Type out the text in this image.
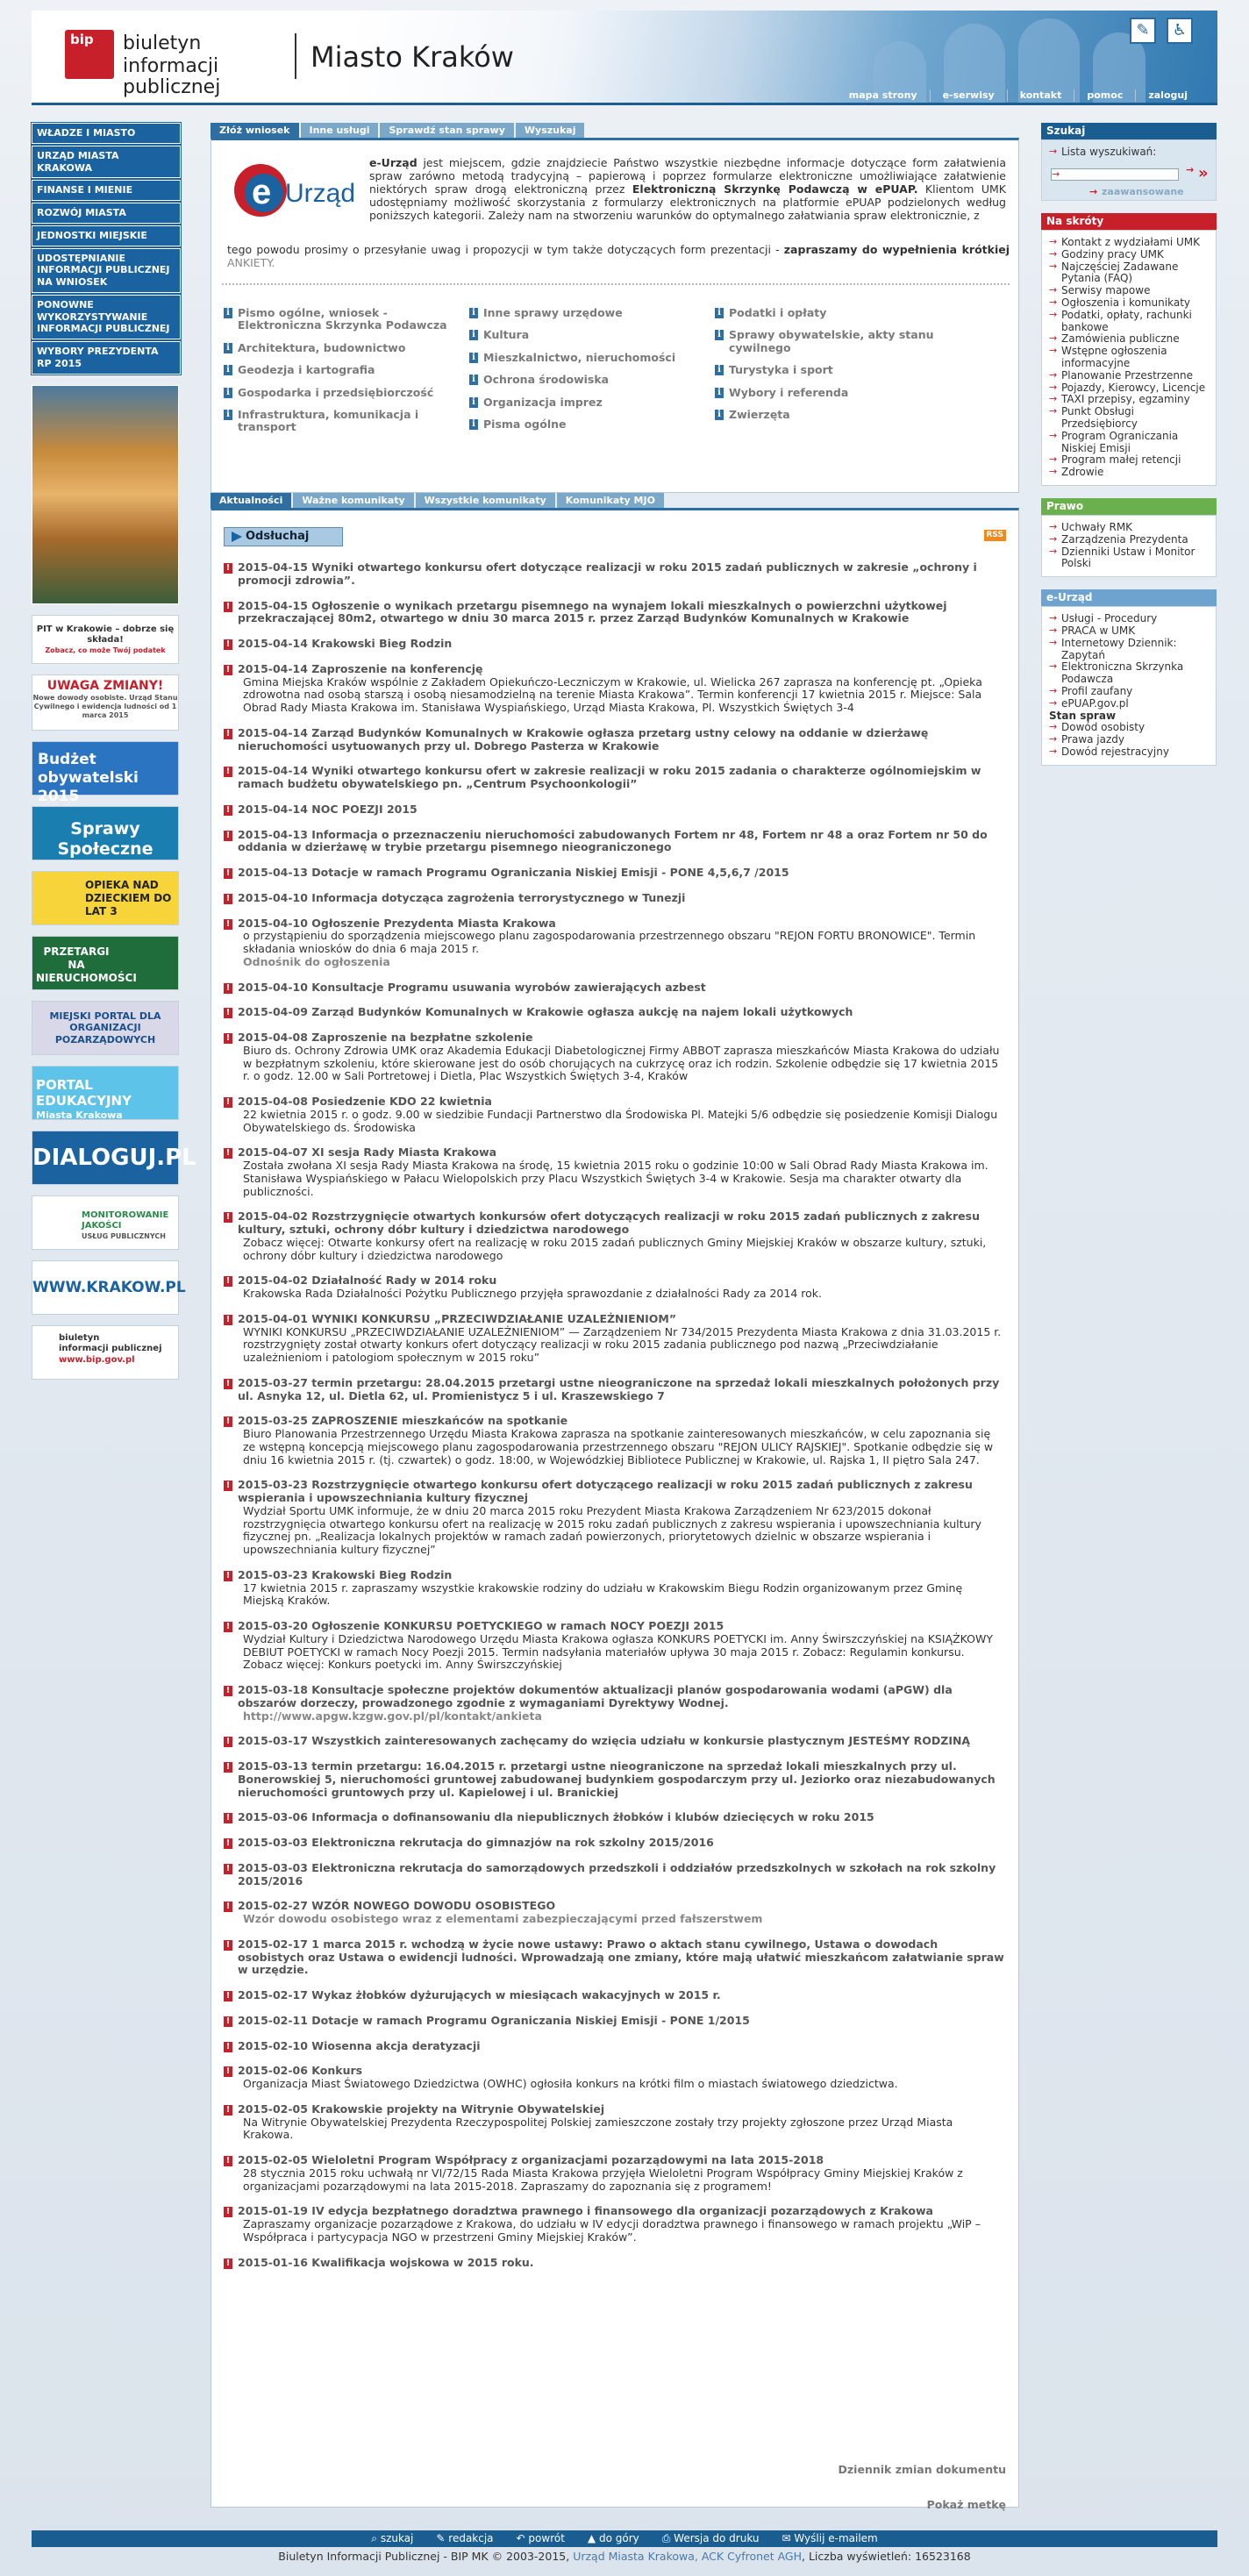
bip biuletyn
informacji publicznej
Miasto Kraków
✎	♿
mapa strony	e-serwisy	kontakt	pomoc	zaloguj
WŁADZE I MIASTO
URZĄD MIASTA KRAKOWA
FINANSE I MIENIE
ROZWÓJ MIASTA
JEDNOSTKI MIEJSKIE
UDOSTĘPNIANIE INFORMACJI PUBLICZNEJ NA WNIOSEK
PONOWNE WYKORZYSTYWANIE INFORMACJI PUBLICZNEJ
WYBORY PREZYDENTA RP 2015
PIT w Krakowie – dobrze się składa!
Zobacz, co może Twój podatek
UWAGA ZMIANY!
Nowe dowody osobiste. Urząd Stanu Cywilnego i ewidencja ludności od 1 marca 2015
Budżet obywatelski 2015
Sprawy Społeczne
OPIEKA NAD DZIECKIEM DO LAT 3
PRZETARGI NA NIERUCHOMOŚCI
MIEJSKI PORTAL DLA ORGANIZACJI POZARZĄDOWYCH
PORTAL EDUKACYJNY
Miasta Krakowa
DIALOGUJ.PL
MONITOROWANIE JAKOŚCI
USŁUG PUBLICZNYCH
WWW.KRAKOW.PL
biuletyn
informacji publicznej
www.bip.gov.pl
Złóż wniosek	Inne usługi	Sprawdź stan sprawy	Wyszukaj
e Urząd
e-Urząd jest miejscem, gdzie znajdziecie Państwo wszystkie niezbędne informacje dotyczące form załatwienia spraw zarówno metodą tradycyjną – papierową i poprzez formularze elektroniczne umożliwiające załatwienie niektórych spraw drogą elektroniczną przez Elektroniczną Skrzynkę Podawczą w ePUAP. Klientom UMK udostępniamy możliwość skorzystania z formularzy elektronicznych na platformie ePUAP podzielonych według poniższych kategorii. Zależy nam na stworzeniu warunków do optymalnego załatwiania spraw elektronicznie, z
tego powodu prosimy o przesyłanie uwag i propozycji w tym także dotyczących form prezentacji - zapraszamy do wypełnienia krótkiej ANKIETY.
i Pismo ogólne, wniosek - Elektroniczna Skrzynka Podawcza
i Architektura, budownictwo
i Geodezja i kartografia
i Gospodarka i przedsiębiorczość
i Infrastruktura, komunikacja i transport
i Inne sprawy urzędowe
i Kultura
i Mieszkalnictwo, nieruchomości
i Ochrona środowiska
i Organizacja imprez
i Pisma ogólne
i Podatki i opłaty
i Sprawy obywatelskie, akty stanu cywilnego
i Turystyka i sport
i Wybory i referenda
i Zwierzęta
Aktualności	Ważne komunikaty	Wszystkie komunikaty	Komunikaty MJO
Odsłuchaj	RSS
! 2015-04-15 Wyniki otwartego konkursu ofert dotyczące realizacji w roku 2015 zadań publicznych w zakresie „ochrony i promocji zdrowia”.
! 2015-04-15 Ogłoszenie o wynikach przetargu pisemnego na wynajem lokali mieszkalnych o powierzchni użytkowej przekraczającej 80m2, otwartego w dniu 30 marca 2015 r. przez Zarząd Budynków Komunalnych w Krakowie
! 2015-04-14 Krakowski Bieg Rodzin
! 2015-04-14 Zaproszenie na konferencję
Gmina Miejska Kraków wspólnie z Zakładem Opiekuńczo-Leczniczym w Krakowie, ul. Wielicka 267 zaprasza na konferencję pt. „Opieka zdrowotna nad osobą starszą i osobą niesamodzielną na terenie Miasta Krakowa”. Termin konferencji 17 kwietnia 2015 r. Miejsce: Sala Obrad Rady Miasta Krakowa im. Stanisława Wyspiańskiego, Urząd Miasta Krakowa, Pl. Wszystkich Świętych 3-4
! 2015-04-14 Zarząd Budynków Komunalnych w Krakowie ogłasza przetarg ustny celowy na oddanie w dzierżawę nieruchomości usytuowanych przy ul. Dobrego Pasterza w Krakowie
! 2015-04-14 Wyniki otwartego konkursu ofert w zakresie realizacji w roku 2015 zadania o charakterze ogólnomiejskim w ramach budżetu obywatelskiego pn. „Centrum Psychoonkologii”
! 2015-04-14 NOC POEZJI 2015
! 2015-04-13 Informacja o przeznaczeniu nieruchomości zabudowanych Fortem nr 48, Fortem nr 48 a oraz Fortem nr 50 do oddania w dzierżawę w trybie przetargu pisemnego nieograniczonego
! 2015-04-13 Dotacje w ramach Programu Ograniczania Niskiej Emisji - PONE 4,5,6,7 /2015
! 2015-04-10 Informacja dotycząca zagrożenia terrorystycznego w Tunezji
! 2015-04-10 Ogłoszenie Prezydenta Miasta Krakowa
o przystąpieniu do sporządzenia miejscowego planu zagospodarowania przestrzennego obszaru "REJON FORTU BRONOWICE". Termin składania wniosków do dnia 6 maja 2015 r.
Odnośnik do ogłoszenia
! 2015-04-10 Konsultacje Programu usuwania wyrobów zawierających azbest
! 2015-04-09 Zarząd Budynków Komunalnych w Krakowie ogłasza aukcję na najem lokali użytkowych
! 2015-04-08 Zaproszenie na bezpłatne szkolenie
Biuro ds. Ochrony Zdrowia UMK oraz Akademia Edukacji Diabetologicznej Firmy ABBOT zaprasza mieszkańców Miasta Krakowa do udziału w bezpłatnym szkoleniu, które skierowane jest do osób chorujących na cukrzycę oraz ich rodzin. Szkolenie odbędzie się 17 kwietnia 2015 r. o godz. 12.00 w Sali Portretowej i Dietla, Plac Wszystkich Świętych 3-4, Kraków
! 2015-04-08 Posiedzenie KDO 22 kwietnia
22 kwietnia 2015 r. o godz. 9.00 w siedzibie Fundacji Partnerstwo dla Środowiska Pl. Matejki 5/6 odbędzie się posiedzenie Komisji Dialogu Obywatelskiego ds. Środowiska
! 2015-04-07 XI sesja Rady Miasta Krakowa
Została zwołana XI sesja Rady Miasta Krakowa na środę, 15 kwietnia 2015 roku o godzinie 10:00 w Sali Obrad Rady Miasta Krakowa im. Stanisława Wyspiańskiego w Pałacu Wielopolskich przy Placu Wszystkich Świętych 3-4 w Krakowie. Sesja ma charakter otwarty dla publiczności.
! 2015-04-02 Rozstrzygnięcie otwartych konkursów ofert dotyczących realizacji w roku 2015 zadań publicznych z zakresu kultury, sztuki, ochrony dóbr kultury i dziedzictwa narodowego
Zobacz więcej: Otwarte konkursy ofert na realizację w roku 2015 zadań publicznych Gminy Miejskiej Kraków w obszarze kultury, sztuki, ochrony dóbr kultury i dziedzictwa narodowego
! 2015-04-02 Działalność Rady w 2014 roku
Krakowska Rada Działalności Pożytku Publicznego przyjęła sprawozdanie z działalności Rady za 2014 rok.
! 2015-04-01 WYNIKI KONKURSU „PRZECIWDZIAŁANIE UZALEŻNIENIOM”
WYNIKI KONKURSU „PRZECIWDZIAŁANIE UZALEŻNIENIOM” — Zarządzeniem Nr 734/2015 Prezydenta Miasta Krakowa z dnia 31.03.2015 r. rozstrzygnięty został otwarty konkurs ofert dotyczący realizacji w roku 2015 zadania publicznego pod nazwą „Przeciwdziałanie uzależnieniom i patologiom społecznym w 2015 roku”
! 2015-03-27 termin przetargu: 28.04.2015 przetargi ustne nieograniczone na sprzedaż lokali mieszkalnych położonych przy ul. Asnyka 12, ul. Dietla 62, ul. Promienistycz 5 i ul. Kraszewskiego 7
! 2015-03-25 ZAPROSZENIE mieszkańców na spotkanie
Biuro Planowania Przestrzennego Urzędu Miasta Krakowa zaprasza na spotkanie zainteresowanych mieszkańców, w celu zapoznania się ze wstępną koncepcją miejscowego planu zagospodarowania przestrzennego obszaru "REJON ULICY RAJSKIEJ". Spotkanie odbędzie się w dniu 16 kwietnia 2015 r. (tj. czwartek) o godz. 18:00, w Wojewódzkiej Bibliotece Publicznej w Krakowie, ul. Rajska 1, II piętro Sala 247.
! 2015-03-23 Rozstrzygnięcie otwartego konkursu ofert dotyczącego realizacji w roku 2015 zadań publicznych z zakresu wspierania i upowszechniania kultury fizycznej
Wydział Sportu UMK informuje, że w dniu 20 marca 2015 roku Prezydent Miasta Krakowa Zarządzeniem Nr 623/2015 dokonał rozstrzygnięcia otwartego konkursu ofert na realizację w 2015 roku zadań publicznych z zakresu wspierania i upowszechniania kultury fizycznej pn. „Realizacja lokalnych projektów w ramach zadań powierzonych, priorytetowych dzielnic w obszarze wspierania i upowszechniania kultury fizycznej”
! 2015-03-23 Krakowski Bieg Rodzin
17 kwietnia 2015 r. zapraszamy wszystkie krakowskie rodziny do udziału w Krakowskim Biegu Rodzin organizowanym przez Gminę Miejską Kraków.
! 2015-03-20 Ogłoszenie KONKURSU POETYCKIEGO w ramach NOCY POEZJI 2015
Wydział Kultury i Dziedzictwa Narodowego Urzędu Miasta Krakowa ogłasza KONKURS POETYCKI im. Anny Świrszczyńskiej na KSIĄŻKOWY DEBIUT POETYCKI w ramach Nocy Poezji 2015. Termin nadsyłania materiałów upływa 30 maja 2015 r. Zobacz: Regulamin konkursu. Zobacz więcej: Konkurs poetycki im. Anny Świrszczyńskiej
! 2015-03-18 Konsultacje społeczne projektów dokumentów aktualizacji planów gospodarowania wodami (aPGW) dla obszarów dorzeczy, prowadzonego zgodnie z wymaganiami Dyrektywy Wodnej.
http://www.apgw.kzgw.gov.pl/pl/kontakt/ankieta
! 2015-03-17 Wszystkich zainteresowanych zachęcamy do wzięcia udziału w konkursie plastycznym JESTEŚMY RODZINĄ
! 2015-03-13 termin przetargu: 16.04.2015 r. przetargi ustne nieograniczone na sprzedaż lokali mieszkalnych przy ul. Bonerowskiej 5, nieruchomości gruntowej zabudowanej budynkiem gospodarczym przy ul. Jeziorko oraz niezabudowanych nieruchomości gruntowych przy ul. Kapielowej i ul. Branickiej
! 2015-03-06 Informacja o dofinansowaniu dla niepublicznych żłobków i klubów dziecięcych w roku 2015
! 2015-03-03 Elektroniczna rekrutacja do gimnazjów na rok szkolny 2015/2016
! 2015-03-03 Elektroniczna rekrutacja do samorządowych przedszkoli i oddziałów przedszkolnych w szkołach na rok szkolny 2015/2016
! 2015-02-27 WZÓR NOWEGO DOWODU OSOBISTEGO
Wzór dowodu osobistego wraz z elementami zabezpieczającymi przed fałszerstwem
! 2015-02-17 1 marca 2015 r. wchodzą w życie nowe ustawy: Prawo o aktach stanu cywilnego, Ustawa o dowodach osobistych oraz Ustawa o ewidencji ludności. Wprowadzają one zmiany, które mają ułatwić mieszkańcom załatwianie spraw w urzędzie.
! 2015-02-17 Wykaz żłobków dyżurujących w miesiącach wakacyjnych w 2015 r.
! 2015-02-11 Dotacje w ramach Programu Ograniczania Niskiej Emisji - PONE 1/2015
! 2015-02-10 Wiosenna akcja deratyzacji
! 2015-02-06 Konkurs
Organizacja Miast Światowego Dziedzictwa (OWHC) ogłosiła konkurs na krótki film o miastach światowego dziedzictwa.
! 2015-02-05 Krakowskie projekty na Witrynie Obywatelskiej
Na Witrynie Obywatelskiej Prezydenta Rzeczypospolitej Polskiej zamieszczone zostały trzy projekty zgłoszone przez Urząd Miasta Krakowa.
! 2015-02-05 Wieloletni Program Współpracy z organizacjami pozarządowymi na lata 2015-2018
28 stycznia 2015 roku uchwałą nr VI/72/15 Rada Miasta Krakowa przyjęła Wieloletni Program Współpracy Gminy Miejskiej Kraków z organizacjami pozarządowymi na lata 2015-2018. Zapraszamy do zapoznania się z programem!
! 2015-01-19 IV edycja bezpłatnego doradztwa prawnego i finansowego dla organizacji pozarządowych z Krakowa
Zapraszamy organizacje pozarządowe z Krakowa, do udziału w IV edycji doradztwa prawnego i finansowego w ramach projektu „WiP – Współpraca i partycypacja NGO w przestrzeni Gminy Miejskiej Kraków”.
! 2015-01-16 Kwalifikacja wojskowa w 2015 roku.
Dziennik zmian dokumentu
Pokaż metkę
Szukaj
→ Lista wyszukiwań:
→
→ »
→ zaawansowane
Na skróty
→ Kontakt z wydziałami UMK
→ Godziny pracy UMK
→ Najczęściej Zadawane Pytania (FAQ)
→ Serwisy mapowe
→ Ogłoszenia i komunikaty
→ Podatki, opłaty, rachunki bankowe
→ Zamówienia publiczne
→ Wstępne ogłoszenia informacyjne
→ Planowanie Przestrzenne
→ Pojazdy, Kierowcy, Licencje
→ TAXI przepisy, egzaminy
→ Punkt Obsługi Przedsiębiorcy
→ Program Ograniczania Niskiej Emisji
→ Program małej retencji
→ Zdrowie
Prawo
→ Uchwały RMK
→ Zarządzenia Prezydenta
→ Dzienniki Ustaw i Monitor Polski
e-Urząd
→ Usługi - Procedury
→ PRACA w UMK
→ Internetowy Dziennik: Zapytań
→ Elektroniczna Skrzynka Podawcza
→ Profil zaufany
→ ePUAP.gov.pl
Stan spraw
→ Dowód osobisty
→ Prawa jazdy
→ Dowód rejestracyjny
⌕ szukaj ✎ redakcja ↶ powrót ▲ do góry ⎙ Wersja do druku ✉ Wyślij e-mailem
Biuletyn Informacji Publicznej - BIP MK © 2003-2015, Urząd Miasta Krakowa, ACK Cyfronet AGH, Liczba wyświetleń: 16523168
